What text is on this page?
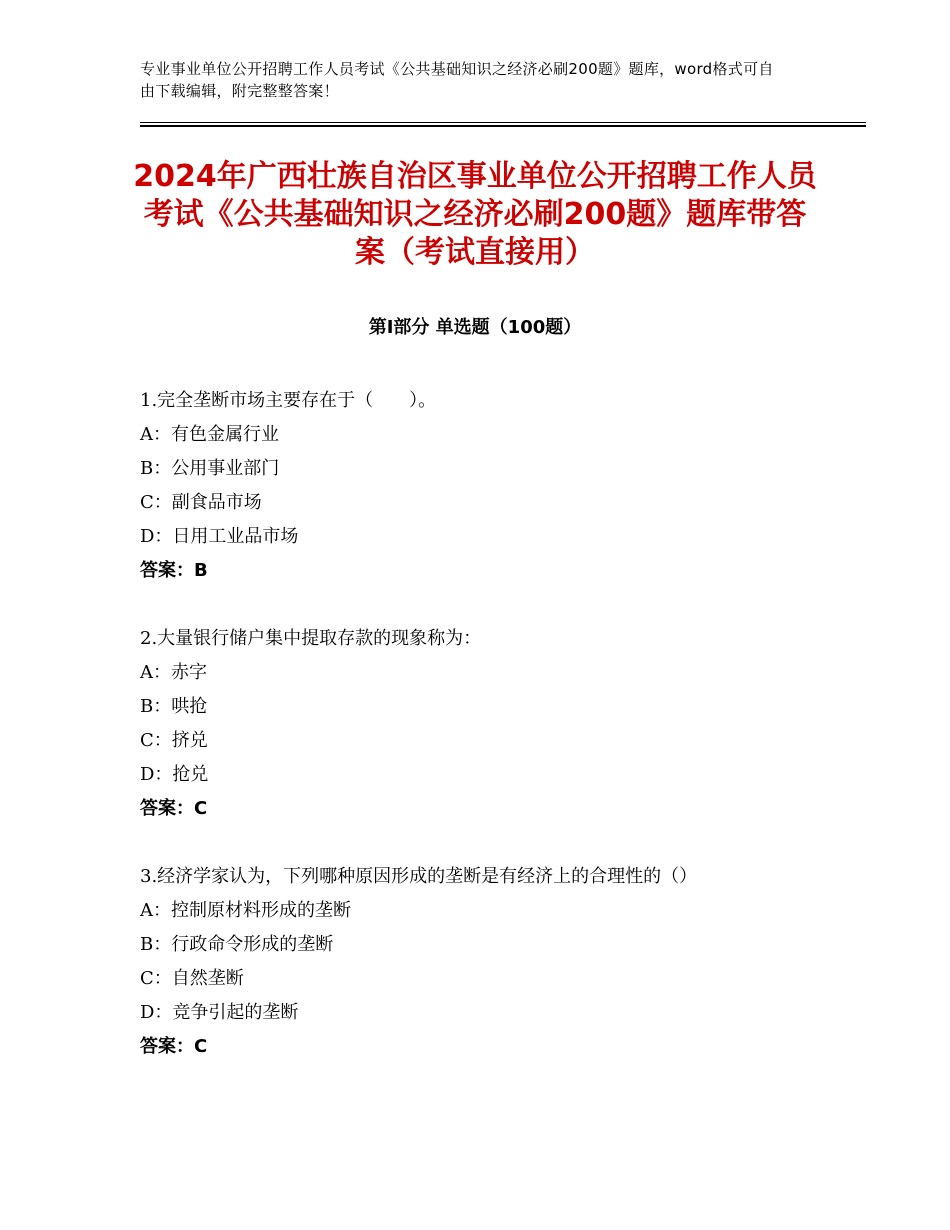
专业事业单位公开招聘工作人员考试《公共基础知识之经济必刷200题》题库，word格式可自由下载编辑，附完整整答案！
2024年广西壮族自治区事业单位公开招聘工作人员考试《公共基础知识之经济必刷200题》题库带答案（考试直接用）
第Ⅰ部分 单选题（100题）
1.完全垄断市场主要存在于（　　）。
A：有色金属行业
B：公用事业部门
C：副食品市场
D：日用工业品市场
答案：B
2.大量银行储户集中提取存款的现象称为：
A：赤字
B：哄抢
C：挤兑
D：抢兑
答案：C
3.经济学家认为，下列哪种原因形成的垄断是有经济上的合理性的（）
A：控制原材料形成的垄断
B：行政命令形成的垄断
C：自然垄断
D：竞争引起的垄断
答案：C
